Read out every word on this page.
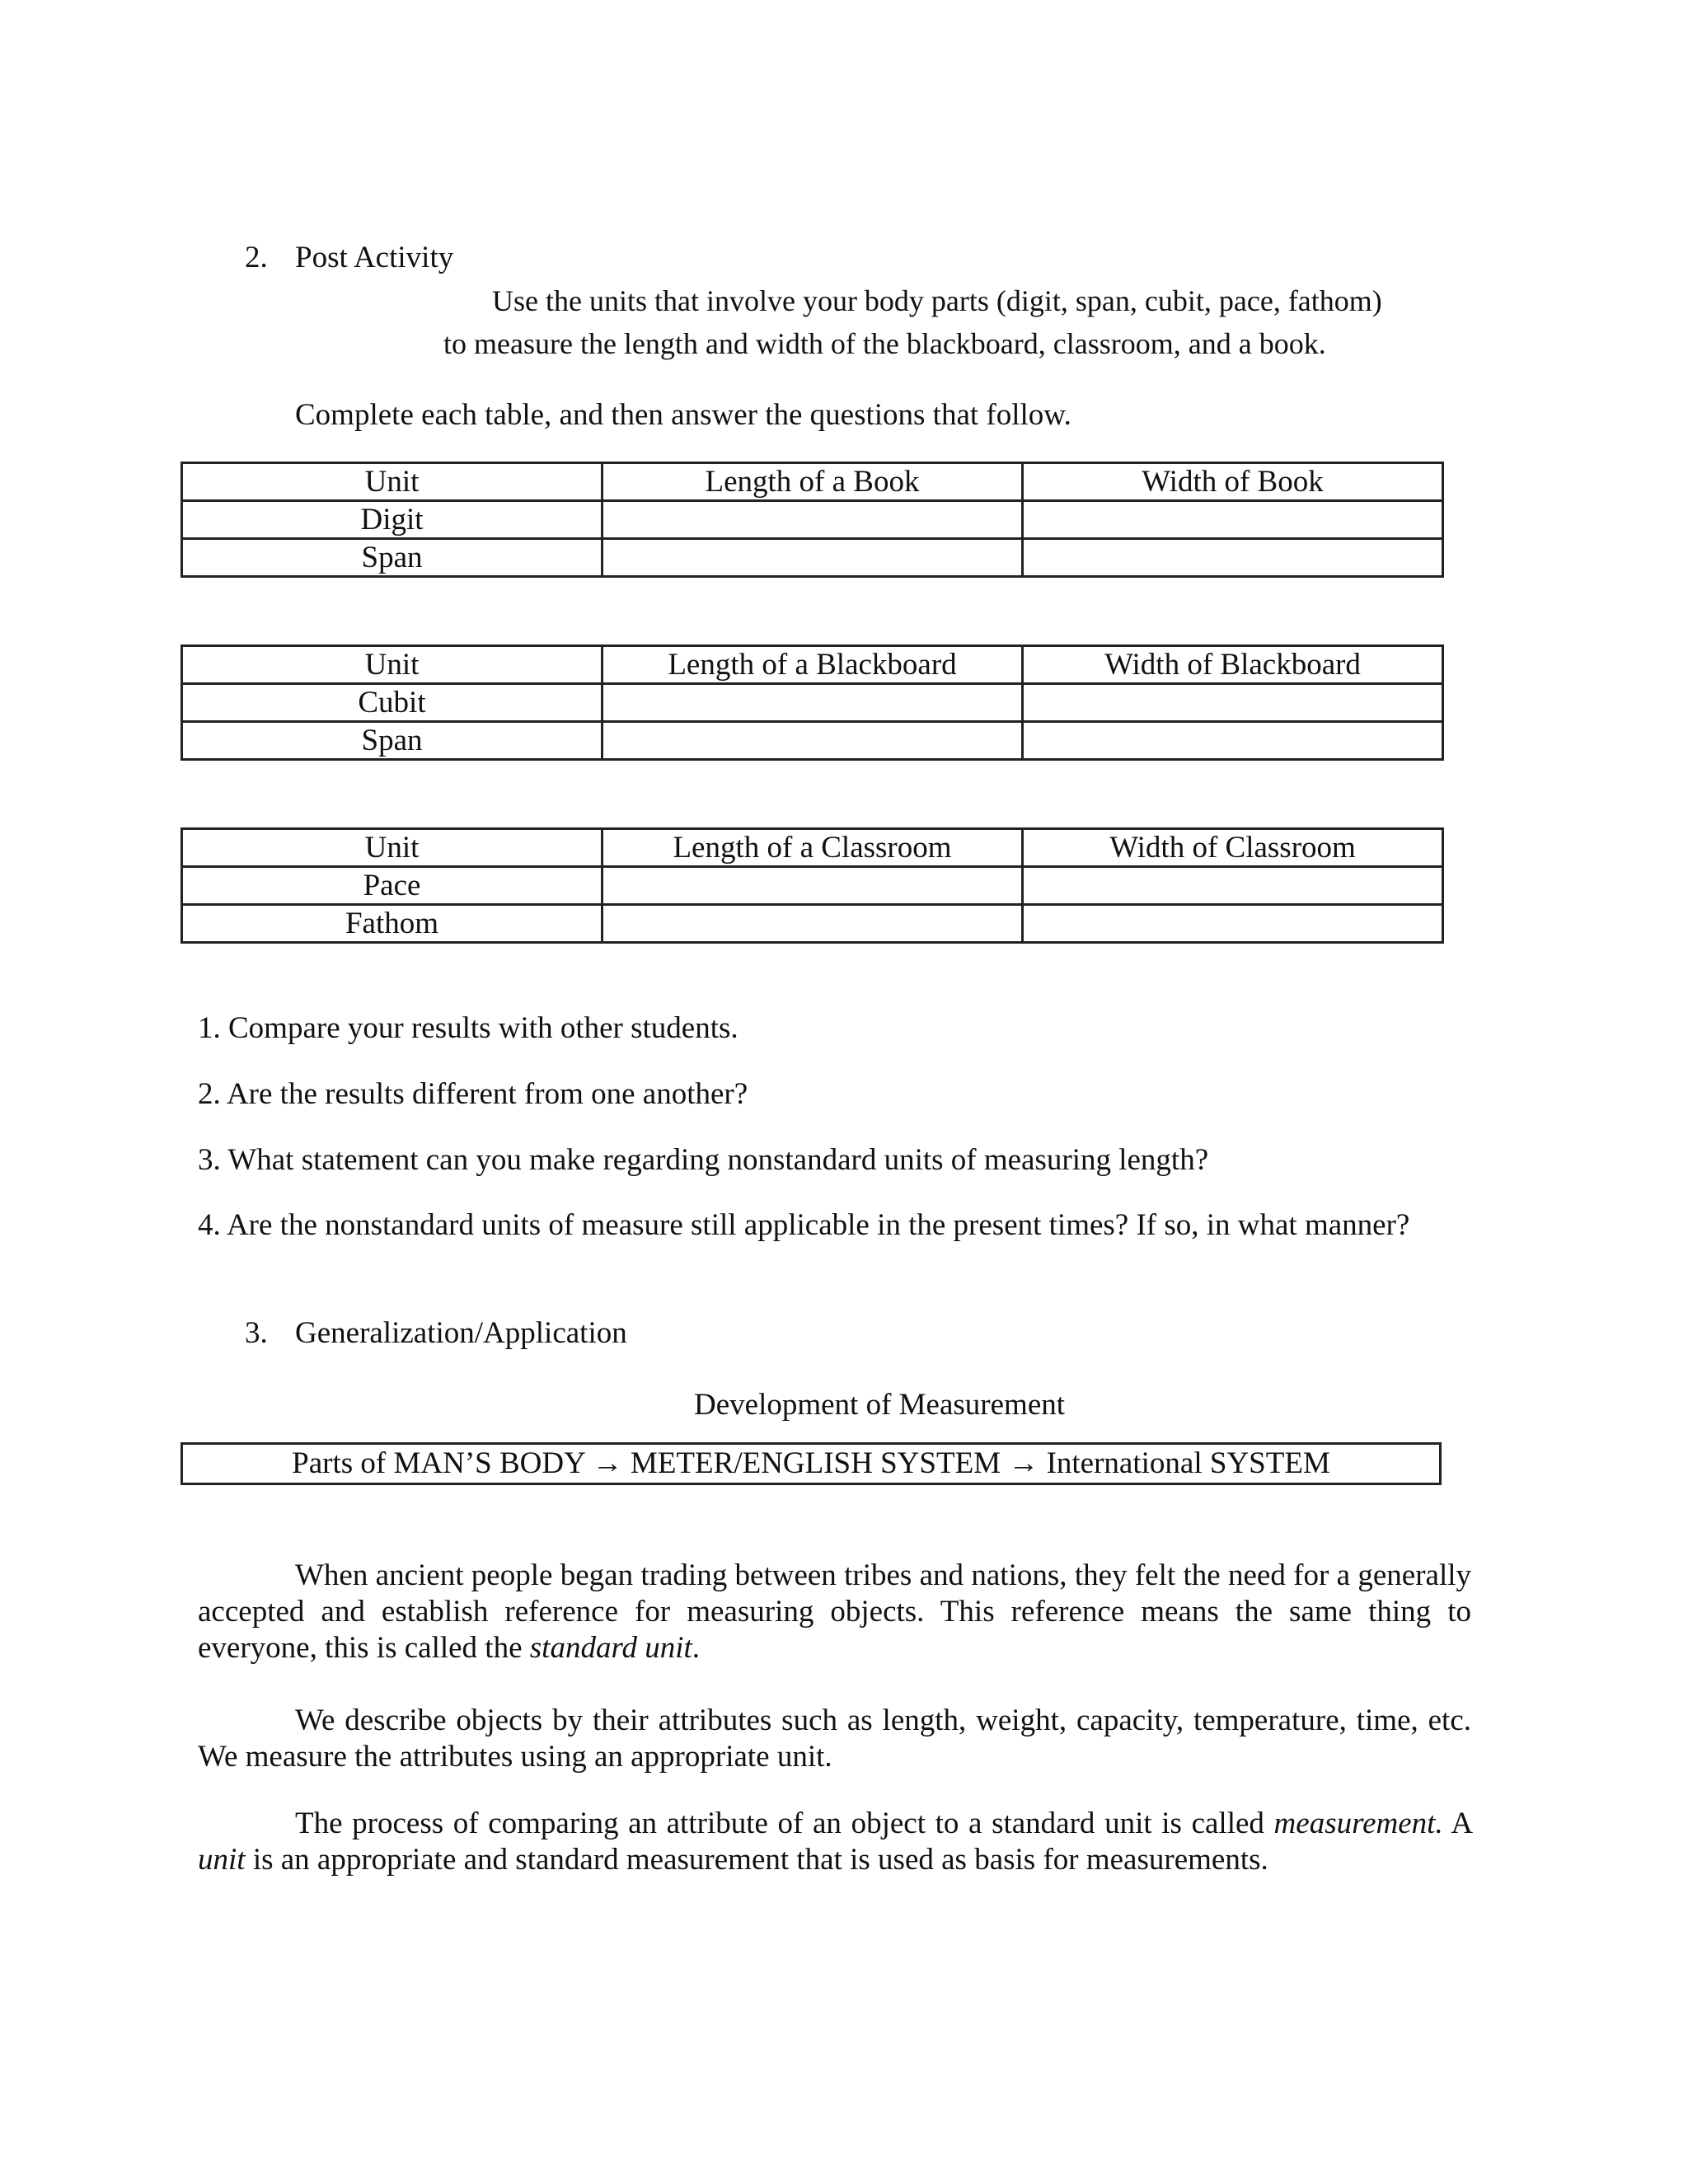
2. Post Activity
Use the units that involve your body parts (digit, span, cubit, pace, fathom)
to measure the length and width of the blackboard, classroom, and a book.
Complete each table, and then answer the questions that follow.
Unit	Length of a Book	Width of Book
Digit		
Span		
Unit	Length of a Blackboard	Width of Blackboard
Cubit		
Span		
Unit	Length of a Classroom	Width of Classroom
Pace		
Fathom		
1. Compare your results with other students.
2. Are the results different from one another?
3. What statement can you make regarding nonstandard units of measuring length?
4. Are the nonstandard units of measure still applicable in the present times? If so, in what manner?
3. Generalization/Application
Development of Measurement
Parts of MAN’S BODY → METER/ENGLISH SYSTEM → International SYSTEM
When ancient people began trading between tribes and nations, they felt the need for a generally accepted and establish reference for measuring objects. This reference means the same thing to everyone, this is called the standard unit.
We describe objects by their attributes such as length, weight, capacity, temperature, time, etc. We measure the attributes using an appropriate unit.
The process of comparing an attribute of an object to a standard unit is called measurement. A unit is an appropriate and standard measurement that is used as basis for measurements.
